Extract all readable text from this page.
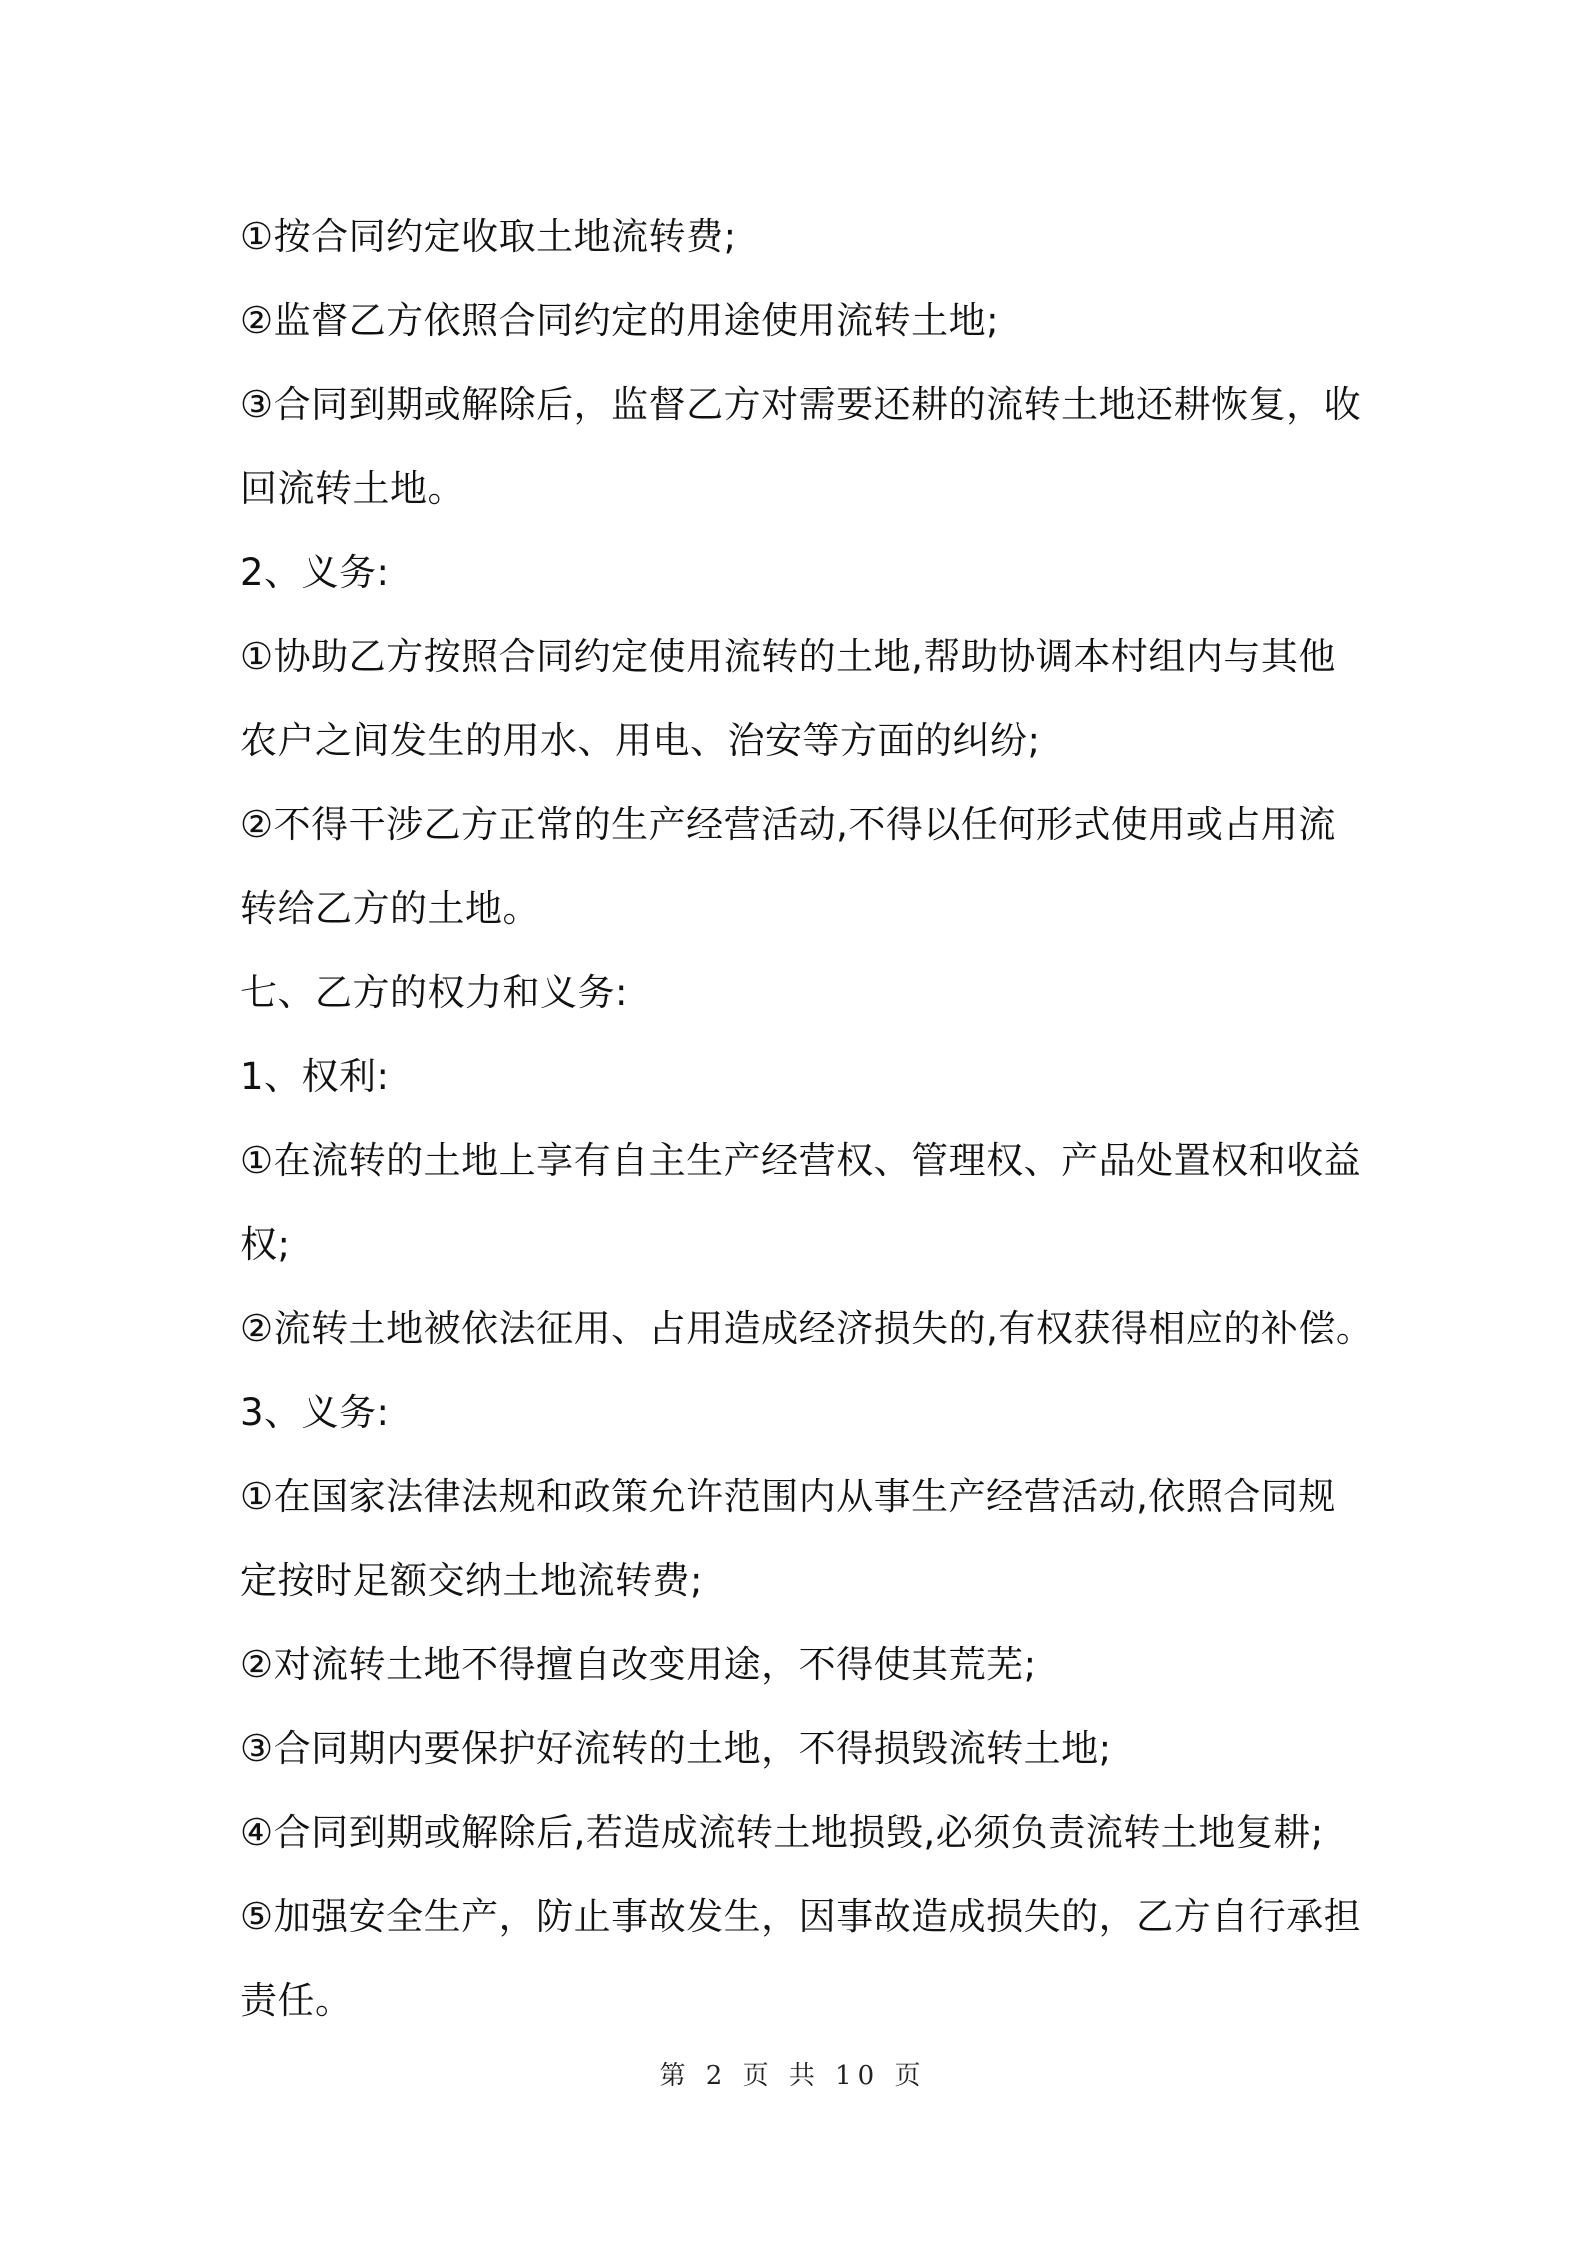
①按合同约定收取土地流转费;
②监督乙方依照合同约定的用途使用流转土地;
③合同到期或解除后，监督乙方对需要还耕的流转土地还耕恢复，收
回流转土地。
2、义务:
①协助乙方按照合同约定使用流转的土地,帮助协调本村组内与其他
农户之间发生的用水、用电、治安等方面的纠纷;
②不得干涉乙方正常的生产经营活动,不得以任何形式使用或占用流
转给乙方的土地。
七、乙方的权力和义务:
1、权利:
①在流转的土地上享有自主生产经营权、管理权、产品处置权和收益
权;
②流转土地被依法征用、占用造成经济损失的,有权获得相应的补偿。
3、义务:
①在国家法律法规和政策允许范围内从事生产经营活动,依照合同规
定按时足额交纳土地流转费;
②对流转土地不得擅自改变用途，不得使其荒芜;
③合同期内要保护好流转的土地，不得损毁流转土地;
④合同到期或解除后,若造成流转土地损毁,必须负责流转土地复耕;
⑤加强安全生产，防止事故发生，因事故造成损失的，乙方自行承担
责任。
第 2 页 共 10 页
